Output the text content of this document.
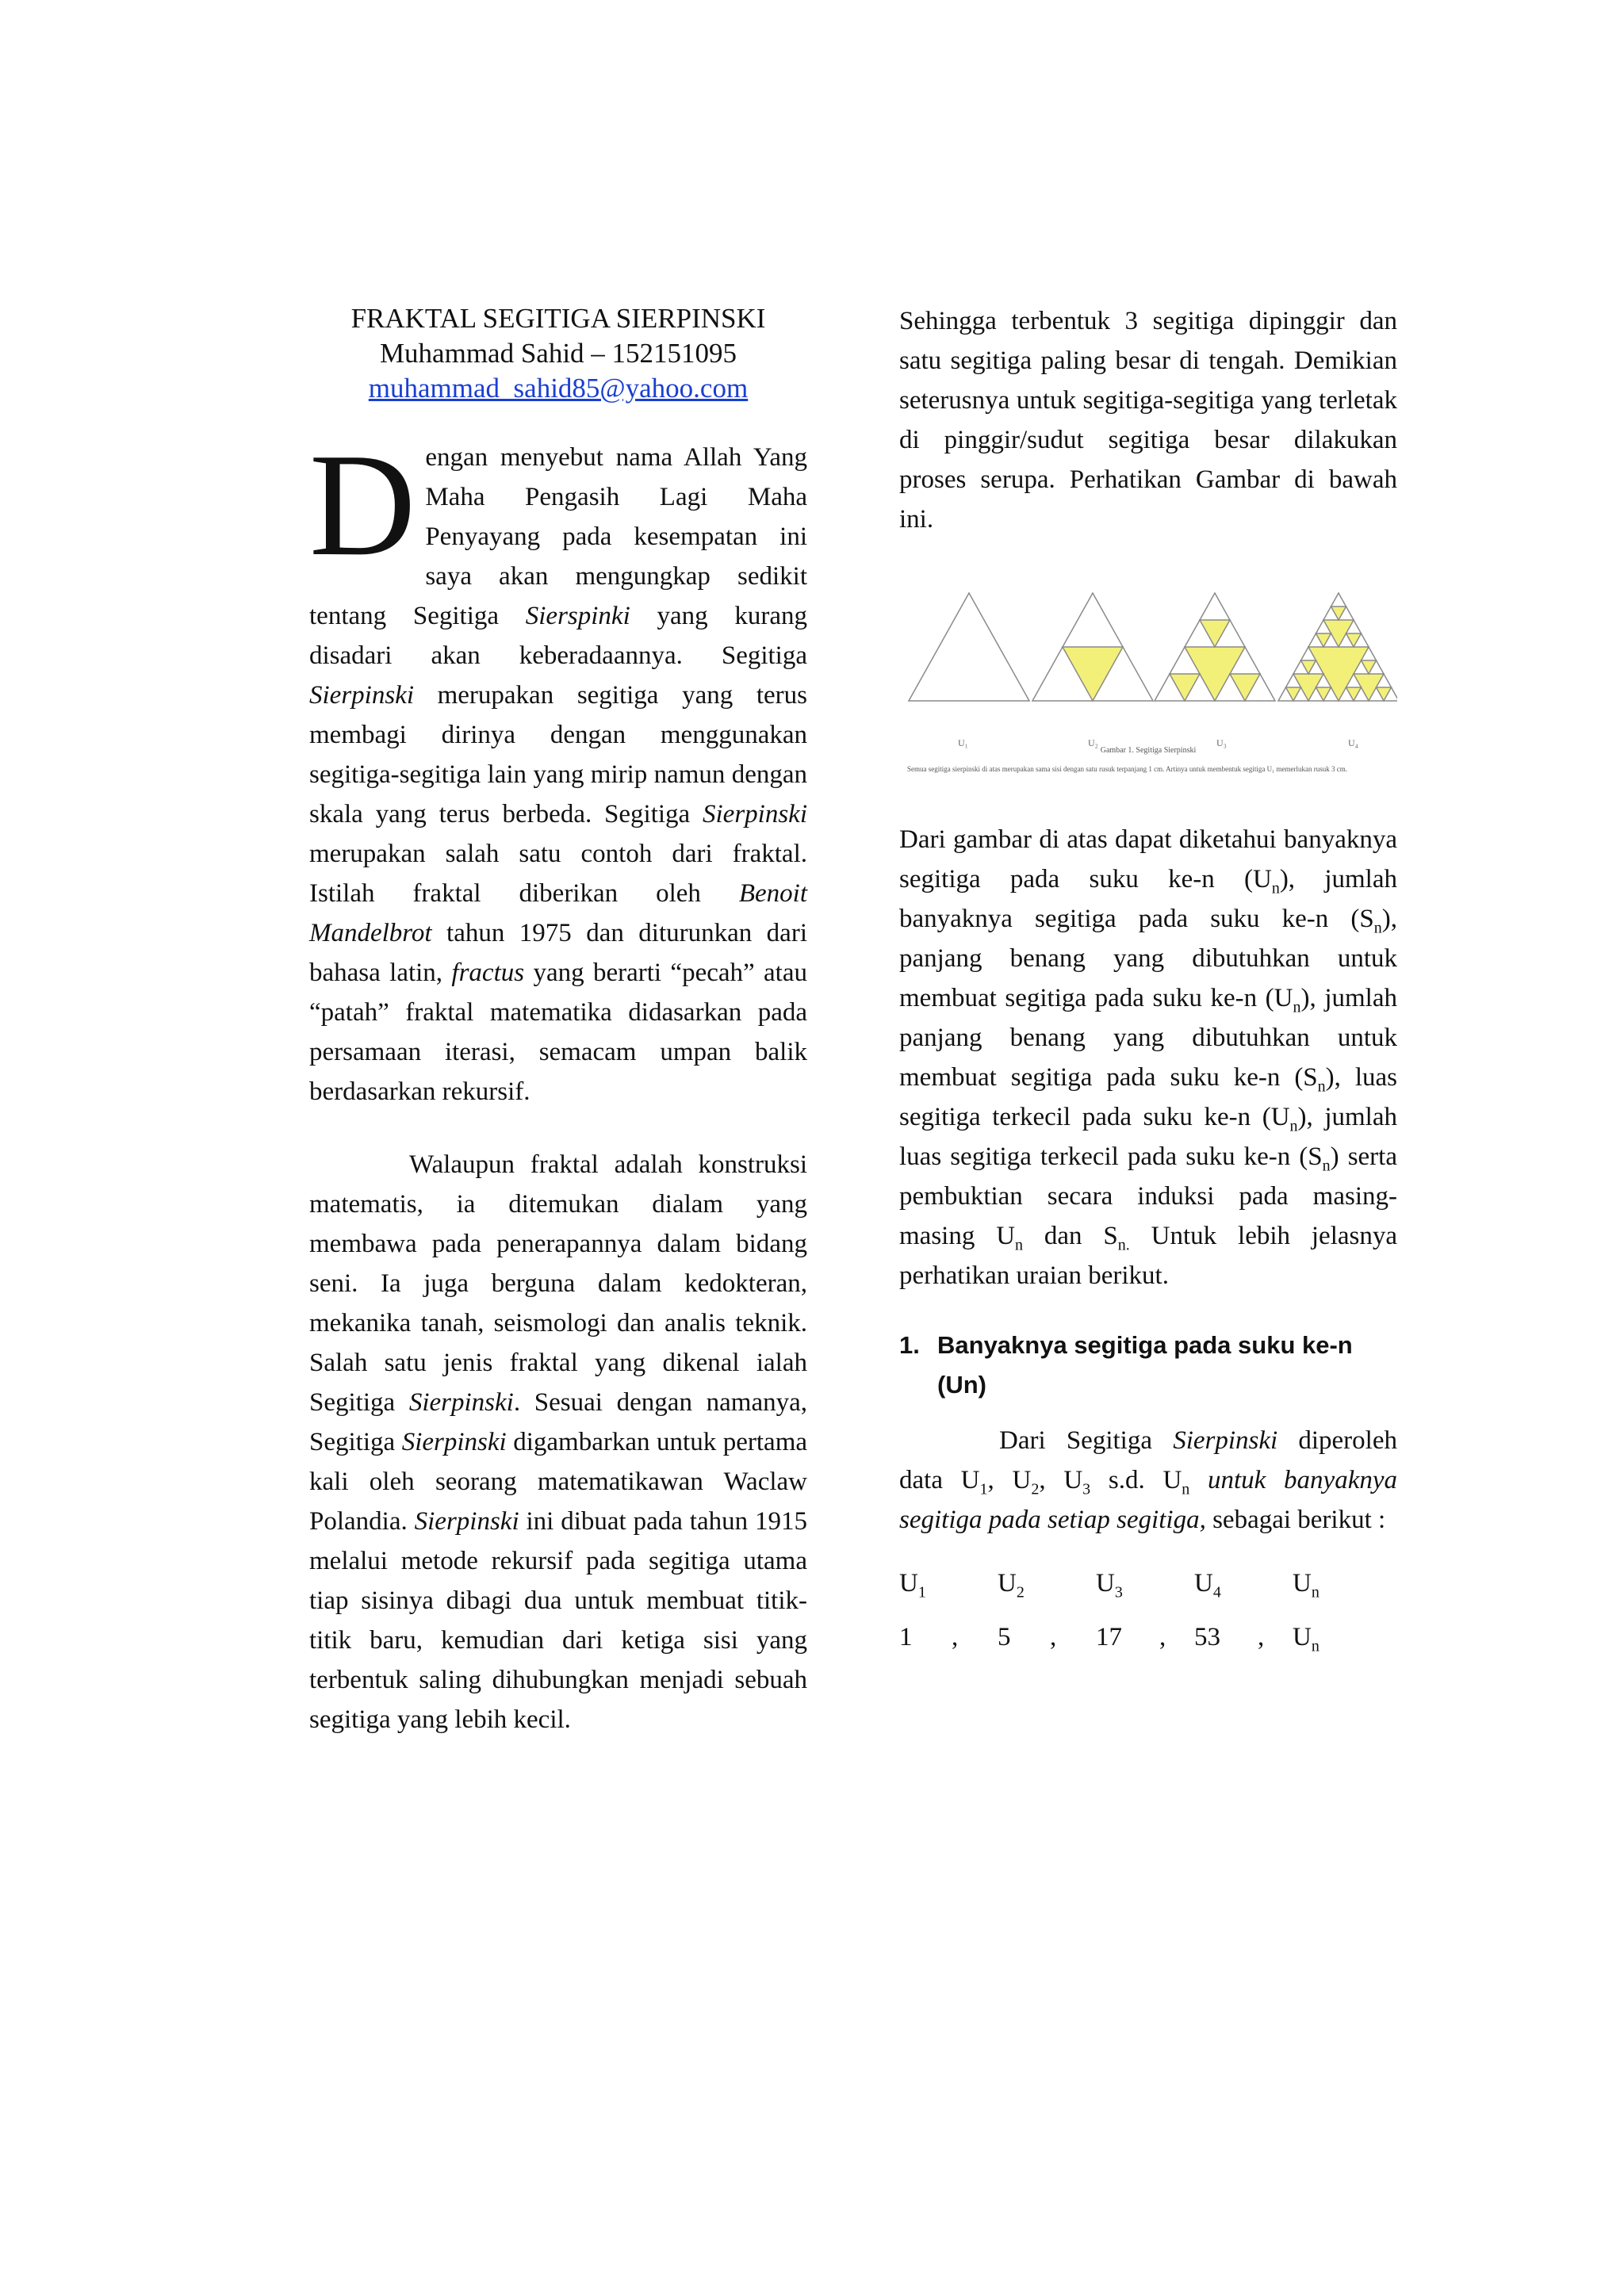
FRAKTAL SEGITIGA SIERPINSKI
Muhammad Sahid – 152151095
muhammad_sahid85@yahoo.com

Dengan menyebut nama Allah Yang Maha Pengasih Lagi Maha Penyayang pada kesempatan ini saya akan mengungkap sedikit tentang Segitiga Sierspinki yang kurang disadari akan keberadaannya. Segitiga Sierpinski merupakan segitiga yang terus membagi dirinya dengan menggunakan segitiga-segitiga lain yang mirip namun dengan skala yang terus berbeda. Segitiga Sierpinski merupakan salah satu contoh dari fraktal. Istilah fraktal diberikan oleh Benoit Mandelbrot tahun 1975 dan diturunkan dari bahasa latin, fractus yang berarti “pecah” atau “patah” fraktal matematika didasarkan pada persamaan iterasi, semacam umpan balik berdasarkan rekursif.

Walaupun fraktal adalah konstruksi matematis, ia ditemukan dialam yang membawa pada penerapannya dalam bidang seni. Ia juga berguna dalam kedokteran, mekanika tanah, seismologi dan analis teknik. Salah satu jenis fraktal yang dikenal ialah Segitiga Sierpinski. Sesuai dengan namanya, Segitiga Sierpinski digambarkan untuk pertama kali oleh seorang matematikawan Waclaw Polandia. Sierpinski ini dibuat pada tahun 1915 melalui metode rekursif pada segitiga utama tiap sisinya dibagi dua untuk membuat titik-titik baru, kemudian dari ketiga sisi yang terbentuk saling dihubungkan menjadi sebuah segitiga yang lebih kecil.

Sehingga terbentuk 3 segitiga dipinggir dan satu segitiga paling besar di tengah. Demikian seterusnya untuk segitiga-segitiga yang terletak di pinggir/sudut segitiga besar dilakukan proses serupa. Perhatikan Gambar di bawah ini.

U₁	U₂	U₃	U₄
Gambar 1. Segitiga Sierpinski
Semua segitiga sierpinski di atas merupakan sama sisi dengan satu rusuk terpanjang 1 cm. Artinya untuk membentuk segitiga U₁ memerlukan rusuk 3 cm.

Dari gambar di atas dapat diketahui banyaknya segitiga pada suku ke-n $(U_n)$, jumlah banyaknya segitiga pada suku ke-n $(S_n)$, panjang benang yang dibutuhkan untuk membuat segitiga pada suku ke-n $(U_n)$, jumlah panjang benang yang dibutuhkan untuk membuat segitiga pada suku ke-n $(S_n)$, luas segitiga terkecil pada suku ke-n $(U_n)$, jumlah luas segitiga terkecil pada suku ke-n $(S_n)$ serta pembuktian secara induksi pada masing-masing $U_n$ dan $S_{n.}$ Untuk lebih jelasnya perhatikan uraian berikut.

1. Banyaknya segitiga pada suku ke-n (Un)

Dari Segitiga Sierpinski diperoleh data $U_1$, $U_2$, $U_3$ s.d. $U_n$ untuk banyaknya segitiga pada setiap segitiga, sebagai berikut :

$U_1$	$U_2$	$U_3$	$U_4$	$U_n$
1	,	5	,	17	,	53	,	$U_n$
